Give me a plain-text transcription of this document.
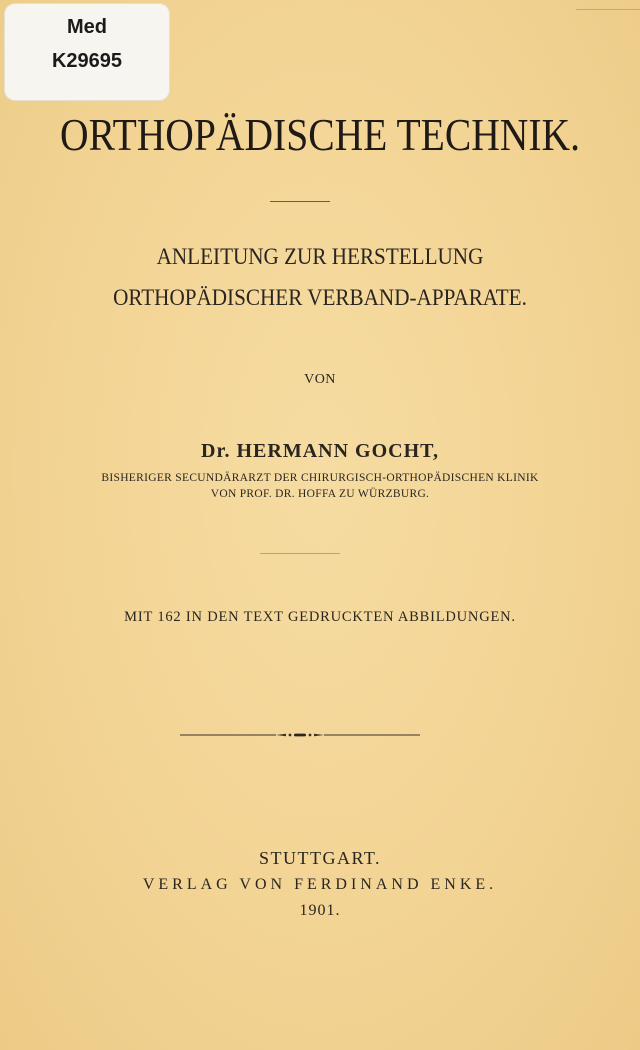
Med
K29695
ORTHOPÄDISCHE TECHNIK.
ANLEITUNG ZUR HERSTELLUNG
ORTHOPÄDISCHER VERBAND-APPARATE.
VON
Dr. HERMANN GOCHT,
BISHERIGER SECUNDÄRARZT DER CHIRURGISCH-ORTHOPÄDISCHEN KLINIK
VON PROF. DR. HOFFA ZU WÜRZBURG.
MIT 162 IN DEN TEXT GEDRUCKTEN ABBILDUNGEN.
STUTTGART.
VERLAG VON FERDINAND ENKE.
1901.
